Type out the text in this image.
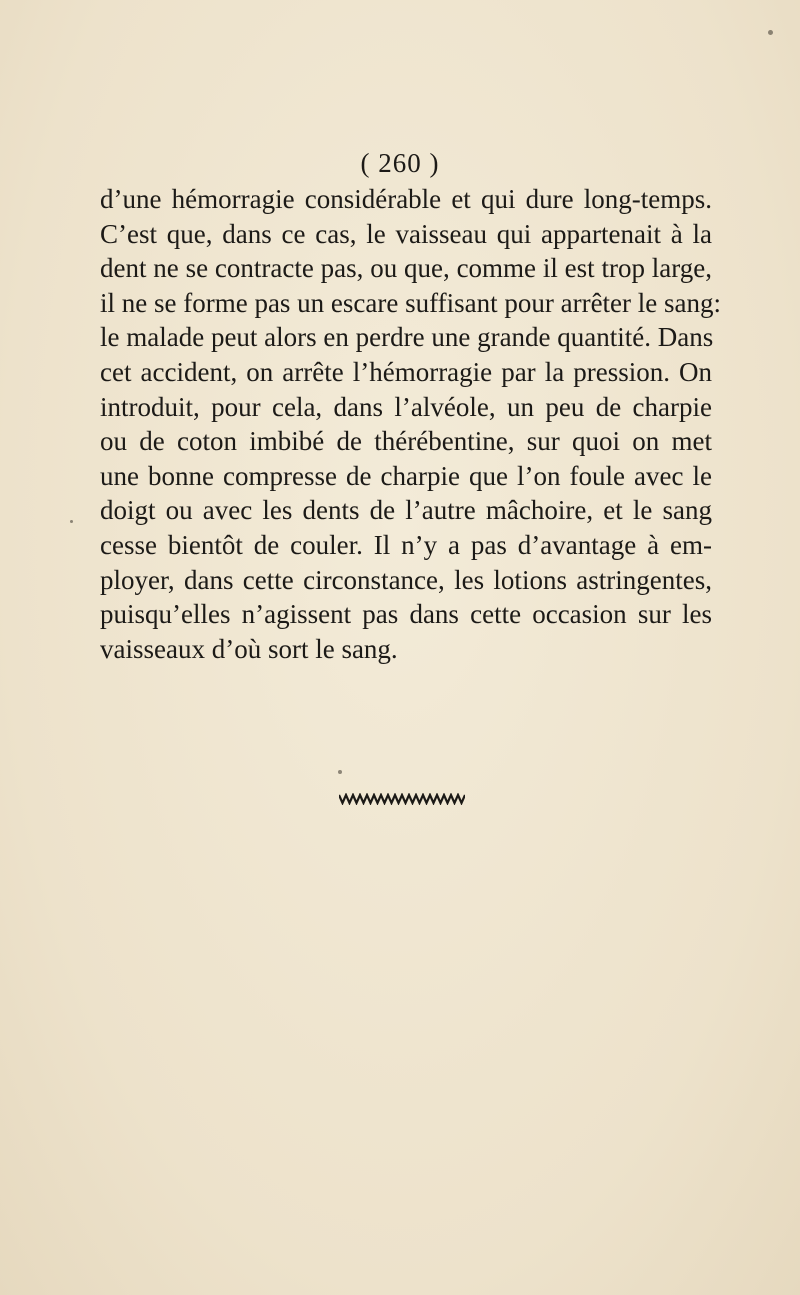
( 260 )
d’une hémorragie considérable et qui dure long-temps.
C’est que, dans ce cas, le vaisseau qui appartenait à la
dent ne se contracte pas, ou que, comme il est trop large,
il ne se forme pas un escare suffisant pour arrêter le sang:
le malade peut alors en perdre une grande quantité. Dans
cet accident, on arrête l’hémorragie par la pression. On
introduit, pour cela, dans l’alvéole, un peu de charpie
ou de coton imbibé de thérébentine, sur quoi on met
une bonne compresse de charpie que l’on foule avec le
doigt ou avec les dents de l’autre mâchoire, et le sang
cesse bientôt de couler. Il n’y a pas d’avantage à em-
ployer, dans cette circonstance, les lotions astringentes,
puisqu’elles n’agissent pas dans cette occasion sur les
vaisseaux d’où sort le sang.
